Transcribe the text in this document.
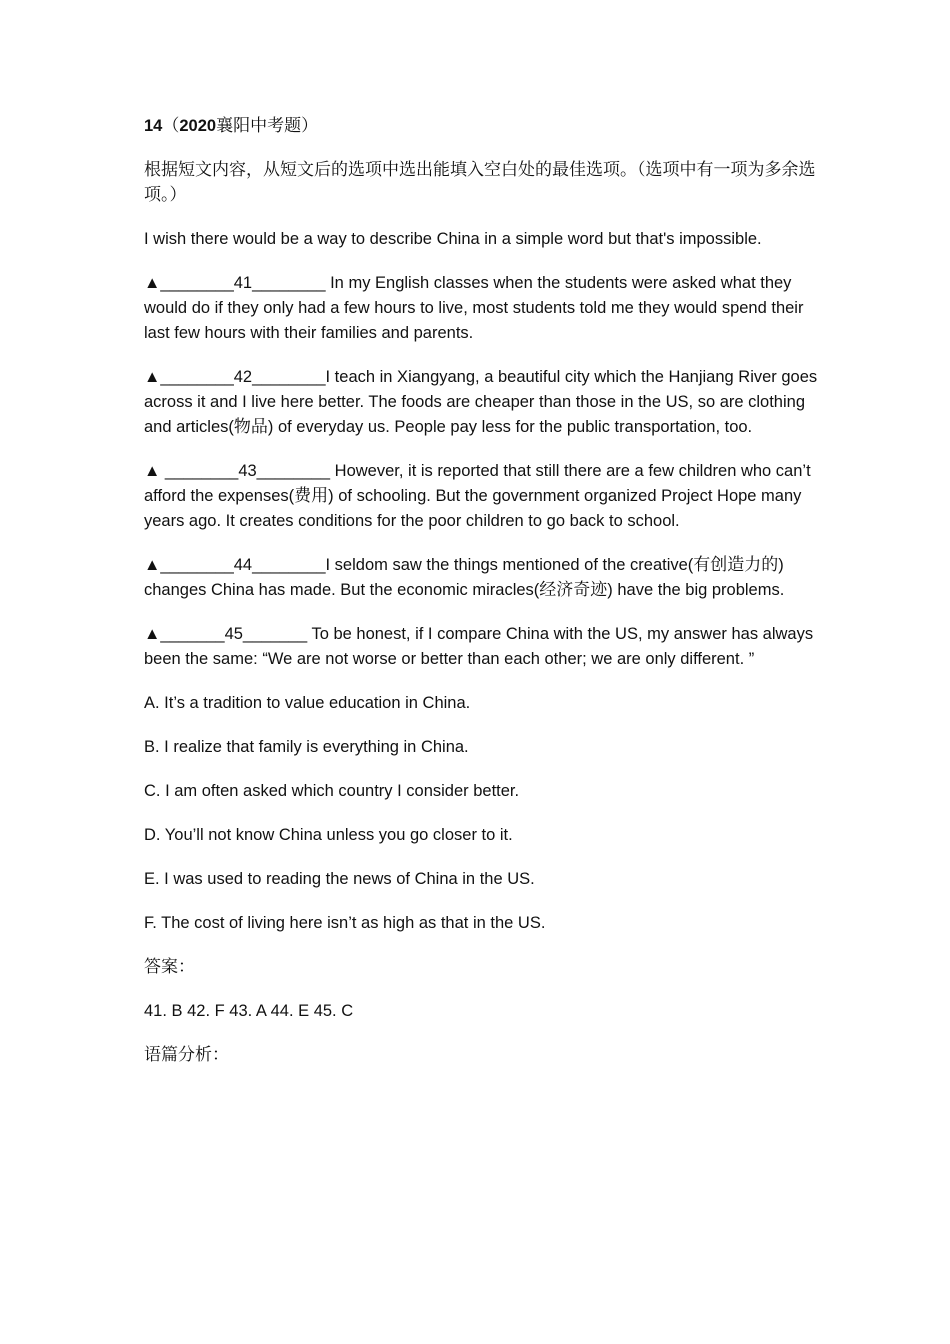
14（2020襄阳中考题）

根据短文内容，从短文后的选项中选出能填入空白处的最佳选项。（选项中有一项为多余选项。）

I wish there would be a way to describe China in a simple word but that's impossible.

▲________41________ In my English classes when the students were asked what they would do if they only had a few hours to live, most students told me they would spend their last few hours with their families and parents.

▲________42________I teach in Xiangyang, a beautiful city which the Hanjiang River goes across it and I live here better. The foods are cheaper than those in the US, so are clothing and articles(物品) of everyday us. People pay less for the public transportation, too.

▲ ________43________ However, it is reported that still there are a few children who can’t afford the expenses(费用) of schooling. But the government organized Project Hope many years ago. It creates conditions for the poor children to go back to school.

▲________44________I seldom saw the things mentioned of the creative(有创造力的) changes China has made. But the economic miracles(经济奇迹) have the big problems.

▲_______45_______ To be honest, if I compare China with the US, my answer has always been the same: “We are not worse or better than each other; we are only different. ”

A. It’s a tradition to value education in China.

B. I realize that family is everything in China.

C. I am often asked which country I consider better.

D. You’ll not know China unless you go closer to it.

E. I was used to reading the news of China in the US.

F. The cost of living here isn’t as high as that in the US.

答案：

41. B 42. F 43. A 44. E 45. C

语篇分析：
